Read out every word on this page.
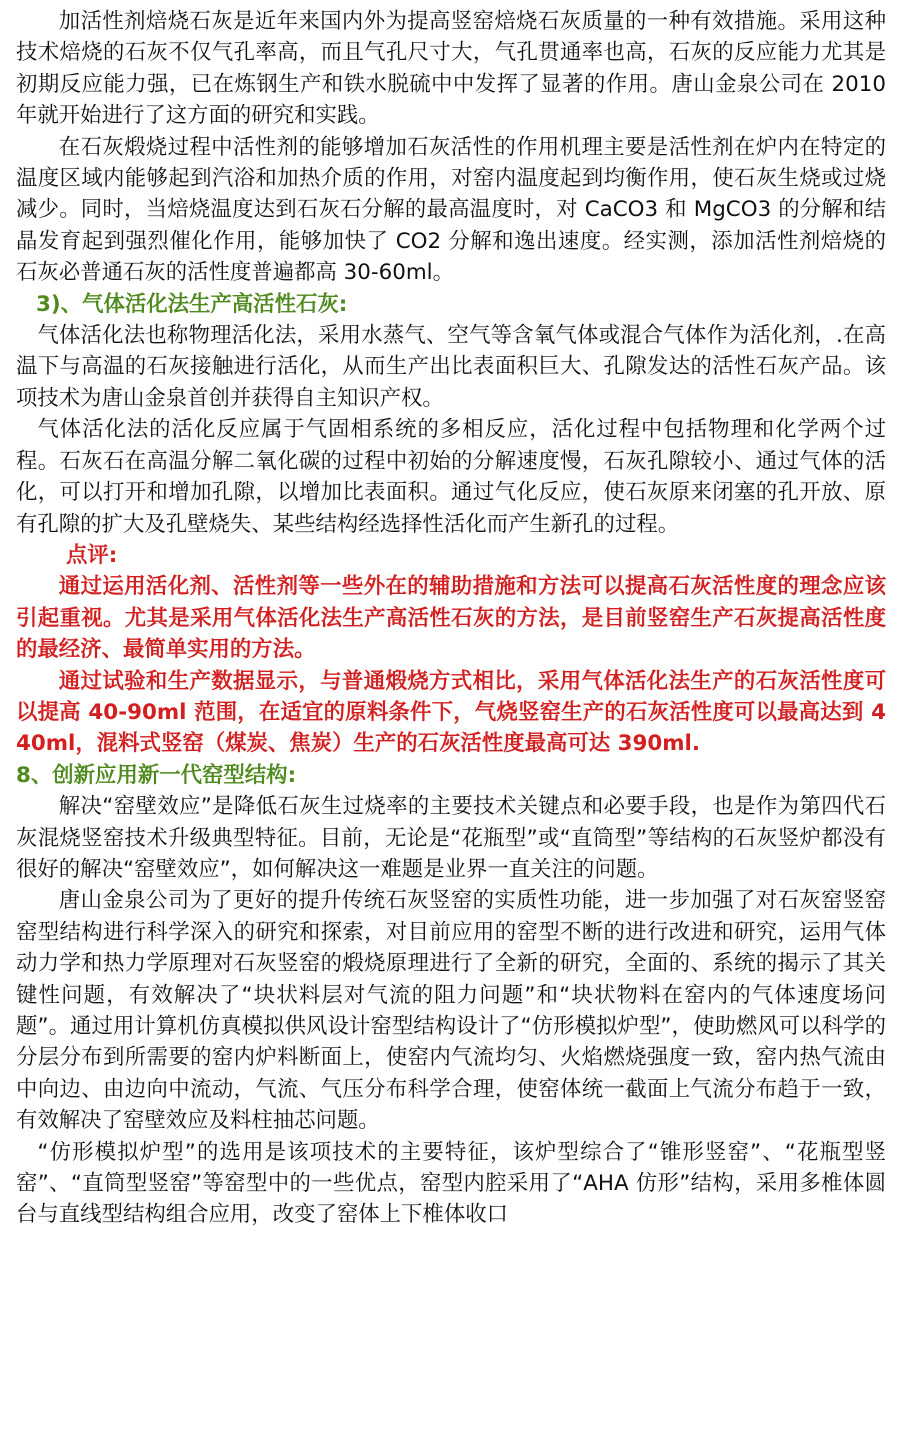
加活性剂焙烧石灰是近年来国内外为提高竖窑焙烧石灰质量的一种有效措施。采用这种技术焙烧的石灰不仅气孔率高，而且气孔尺寸大，气孔贯通率也高，石灰的反应能力尤其是初期反应能力强，已在炼钢生产和铁水脱硫中中发挥了显著的作用。唐山金泉公司在 2010 年就开始进行了这方面的研究和实践。

在石灰煅烧过程中活性剂的能够增加石灰活性的作用机理主要是活性剂在炉内在特定的温度区域内能够起到汽浴和加热介质的作用，对窑内温度起到均衡作用，使石灰生烧或过烧减少。同时，当焙烧温度达到石灰石分解的最高温度时，对 CaCO3 和 MgCO3 的分解和结晶发育起到强烈催化作用，能够加快了 CO2 分解和逸出速度。经实测，添加活性剂焙烧的石灰必普通石灰的活性度普遍都高 30-60ml。

3)、气体活化法生产高活性石灰:

气体活化法也称物理活化法，采用水蒸气、空气等含氧气体或混合气体作为活化剂，.在高温下与高温的石灰接触进行活化，从而生产出比表面积巨大、孔隙发达的活性石灰产品。该项技术为唐山金泉首创并获得自主知识产权。

气体活化法的活化反应属于气固相系统的多相反应，活化过程中包括物理和化学两个过程。石灰石在高温分解二氧化碳的过程中初始的分解速度慢，石灰孔隙较小、通过气体的活化，可以打开和增加孔隙，以增加比表面积。通过气化反应，使石灰原来闭塞的孔开放、原有孔隙的扩大及孔壁烧失、某些结构经选择性活化而产生新孔的过程。

点评:

通过运用活化剂、活性剂等一些外在的辅助措施和方法可以提高石灰活性度的理念应该引起重视。尤其是采用气体活化法生产高活性石灰的方法，是目前竖窑生产石灰提高活性度的最经济、最简单实用的方法。

通过试验和生产数据显示，与普通煅烧方式相比，采用气体活化法生产的石灰活性度可以提高 40-90ml 范围，在适宜的原料条件下，气烧竖窑生产的石灰活性度可以最高达到 440ml，混料式竖窑（煤炭、焦炭）生产的石灰活性度最高可达 390ml.

8、创新应用新一代窑型结构:

解决“窑壁效应”是降低石灰生过烧率的主要技术关键点和必要手段，也是作为第四代石灰混烧竖窑技术升级典型特征。目前，无论是“花瓶型”或“直筒型”等结构的石灰竖炉都没有很好的解决“窑壁效应”，如何解决这一难题是业界一直关注的问题。

唐山金泉公司为了更好的提升传统石灰竖窑的实质性功能，进一步加强了对石灰窑竖窑窑型结构进行科学深入的研究和探索，对目前应用的窑型不断的进行改进和研究，运用气体动力学和热力学原理对石灰竖窑的煅烧原理进行了全新的研究，全面的、系统的揭示了其关键性问题，有效解决了“块状料层对气流的阻力问题”和“块状物料在窑内的气体速度场问题”。通过用计算机仿真模拟供风设计窑型结构设计了“仿形模拟炉型”，使助燃风可以科学的分层分布到所需要的窑内炉料断面上，使窑内气流均匀、火焰燃烧强度一致，窑内热气流由中向边、由边向中流动，气流、气压分布科学合理，使窑体统一截面上气流分布趋于一致，有效解决了窑壁效应及料柱抽芯问题。

“仿形模拟炉型”的选用是该项技术的主要特征，该炉型综合了“锥形竖窑”、“花瓶型竖窑”、“直筒型竖窑”等窑型中的一些优点，窑型内腔采用了“AHA 仿形”结构，采用多椎体圆台与直线型结构组合应用，改变了窑体上下椎体收口
